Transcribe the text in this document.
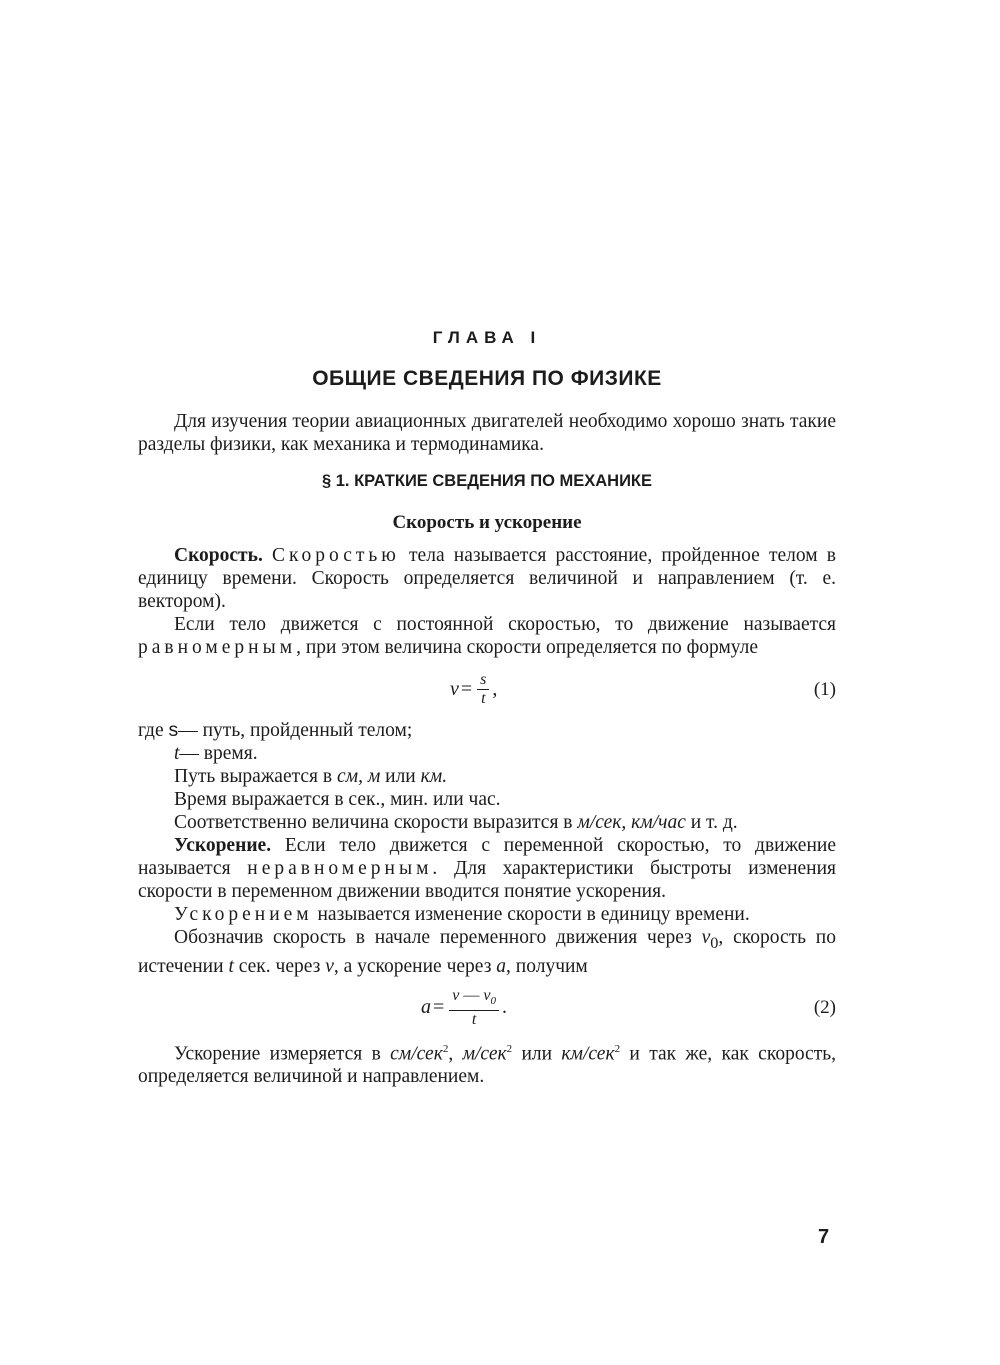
ГЛАВА I
ОБЩИЕ СВЕДЕНИЯ ПО ФИЗИКЕ

Для изучения теории авиационных двигателей необходимо хорошо знать такие разделы физики, как механика и термодинамика.

§ 1. КРАТКИЕ СВЕДЕНИЯ ПО МЕХАНИКЕ
Скорость и ускорение

Скорость. Скоростью тела называется расстояние, пройденное телом в единицу времени. Скорость определяется величиной и направлением (т. е. вектором).

Если тело движется с постоянной скоростью, то движение называется равномерным, при этом величина скорости определяется по формуле

$v = \frac{s}{t}$ ,	(1)

где s— путь, пройденный телом;

t— время.

Путь выражается в см, м или км.

Время выражается в сек., мин. или час.

Соответственно величина скорости выразится в м/сек, км/час и т. д.

Ускорение. Если тело движется с переменной скоростью, то движение называется неравномерным. Для характеристики быстроты изменения скорости в переменном движении вводится понятие ускорения.

Ускорением называется изменение скорости в единицу времени.

Обозначив скорость в начале переменного движения через $v_0$, скорость по истечении t сек. через v, а ускорение через a, получим

$a = \frac{v — v_0}{t}$ .	(2)

Ускорение измеряется в см/сек$^2$, м/сек$^2$ или км/сек$^2$ и так же, как скорость, определяется величиной и направлением.

7
